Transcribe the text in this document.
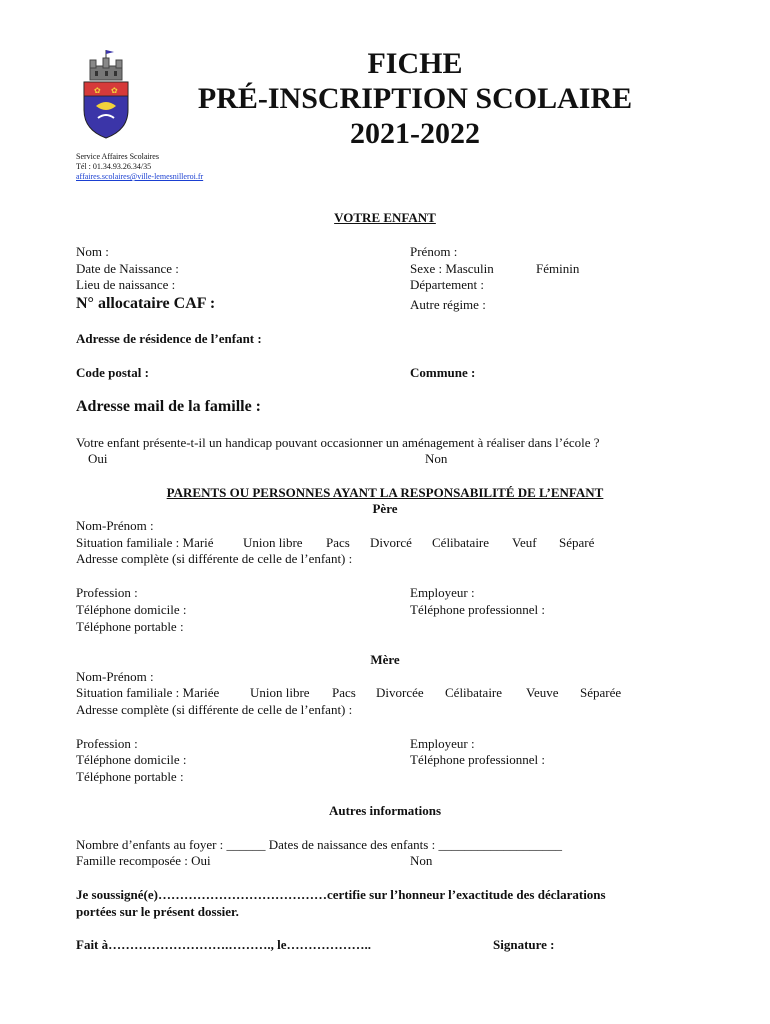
✿ ✿
FICHE
PRÉ-INSCRIPTION SCOLAIRE
2021-2022
Service Affaires Scolaires
Tél : 01.34.93.26.34/35
affaires.scolaires@ville-lemesnilleroi.fr
VOTRE ENFANT
Nom :	Prénom :
Date de Naissance :	Sexe : Masculin	Féminin
Lieu de naissance :	Département :
N° allocataire CAF :	Autre régime :
Adresse de résidence de l’enfant :
Code postal :	Commune :
Adresse mail de la famille :
Votre enfant présente-t-il un handicap pouvant occasionner un aménagement à réaliser dans l’école ?
Oui	Non
PARENTS OU PERSONNES AYANT LA RESPONSABILITÉ DE L’ENFANT
Père
Nom-Prénom :
Situation familiale : Marié Union libre Pacs Divorcé Célibataire Veuf Séparé
Adresse complète (si différente de celle de l’enfant) :
Profession :	Employeur :
Téléphone domicile :	Téléphone professionnel :
Téléphone portable :
Mère
Nom-Prénom :
Situation familiale : Mariée Union libre Pacs Divorcée Célibataire Veuve Séparée
Adresse complète (si différente de celle de l’enfant) :
Profession :	Employeur :
Téléphone domicile :	Téléphone professionnel :
Téléphone portable :
Autres informations
Nombre d’enfants au foyer : ______ Dates de naissance des enfants : ___________________
Famille recomposée : Oui	Non
Je soussigné(e)…………………………………certifie sur l’honneur l’exactitude des déclarations
portées sur le présent dossier.
Fait à……………………….………., le………………..	Signature :
